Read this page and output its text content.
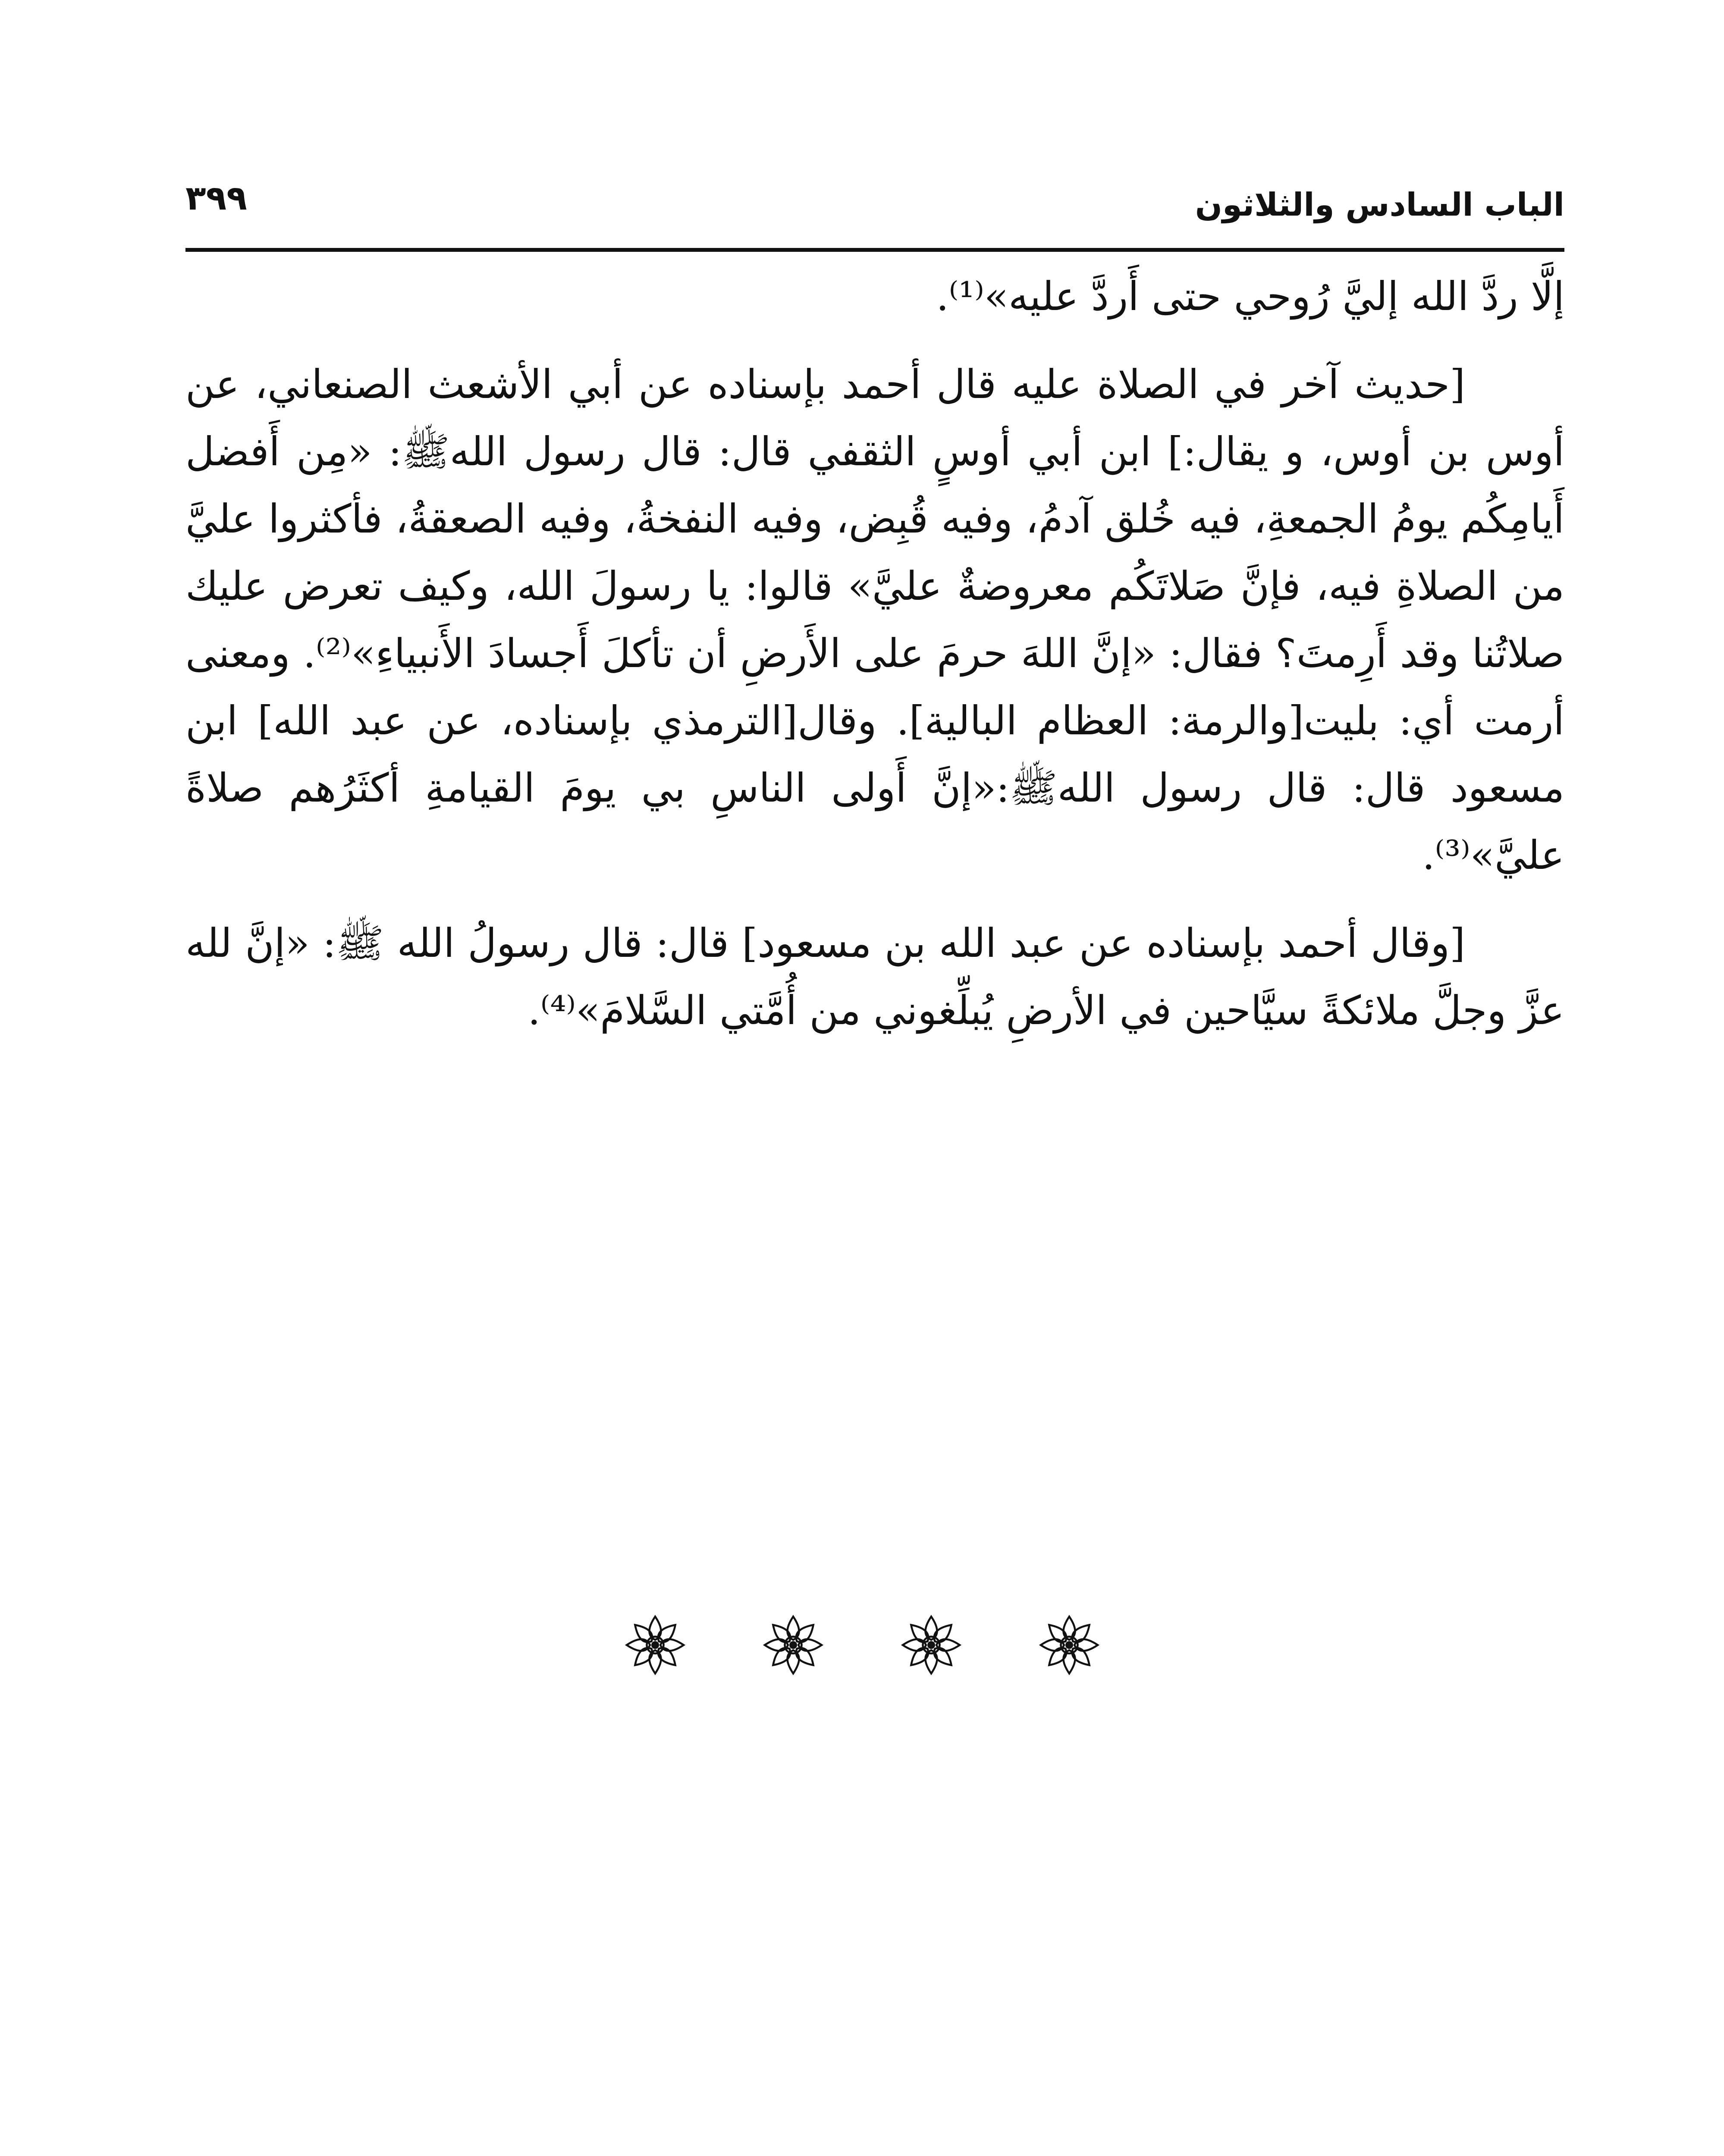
الباب السادس والثلاثون
٣٩٩

إلَّا ردَّ الله إليَّ رُوحي حتى أَردَّ عليه»⁽¹⁾.

[حديث آخر في الصلاة عليه قال أحمد بإسناده عن أبي الأشعث الصنعاني، عن أوس بن أوس، و يقال:] ابن أبي أوسٍ الثقفي قال: قال رسول اللهﷺ: «مِن أَفضل أَيامِكُم يومُ الجمعةِ، فيه خُلق آدمُ، وفيه قُبِض، وفيه النفخةُ، وفيه الصعقةُ، فأكثروا عليَّ من الصلاةِ فيه، فإنَّ صَلاتَكُم معروضةٌ عليَّ» قالوا: يا رسولَ الله، وكيف تعرض عليك صلاتُنا وقد أَرِمتَ؟ فقال: «إنَّ اللهَ حرمَ على الأَرضِ أن تأكلَ أَجسادَ الأَنبياءِ»⁽²⁾. ومعنى أرمت أي: بليت[والرمة: العظام البالية]. وقال[الترمذي بإسناده، عن عبد الله] ابن مسعود قال: قال رسول اللهﷺ:«إنَّ أَولى الناسِ بي يومَ القيامةِ أكثَرُهم صلاةً عليَّ»⁽³⁾.

[وقال أحمد بإسناده عن عبد الله بن مسعود] قال: قال رسولُ الله ﷺ: «إنَّ لله عزَّ وجلَّ ملائكةً سيَّاحين في الأرضِ يُبلِّغوني من أُمَّتي السَّلامَ»⁽⁴⁾.
